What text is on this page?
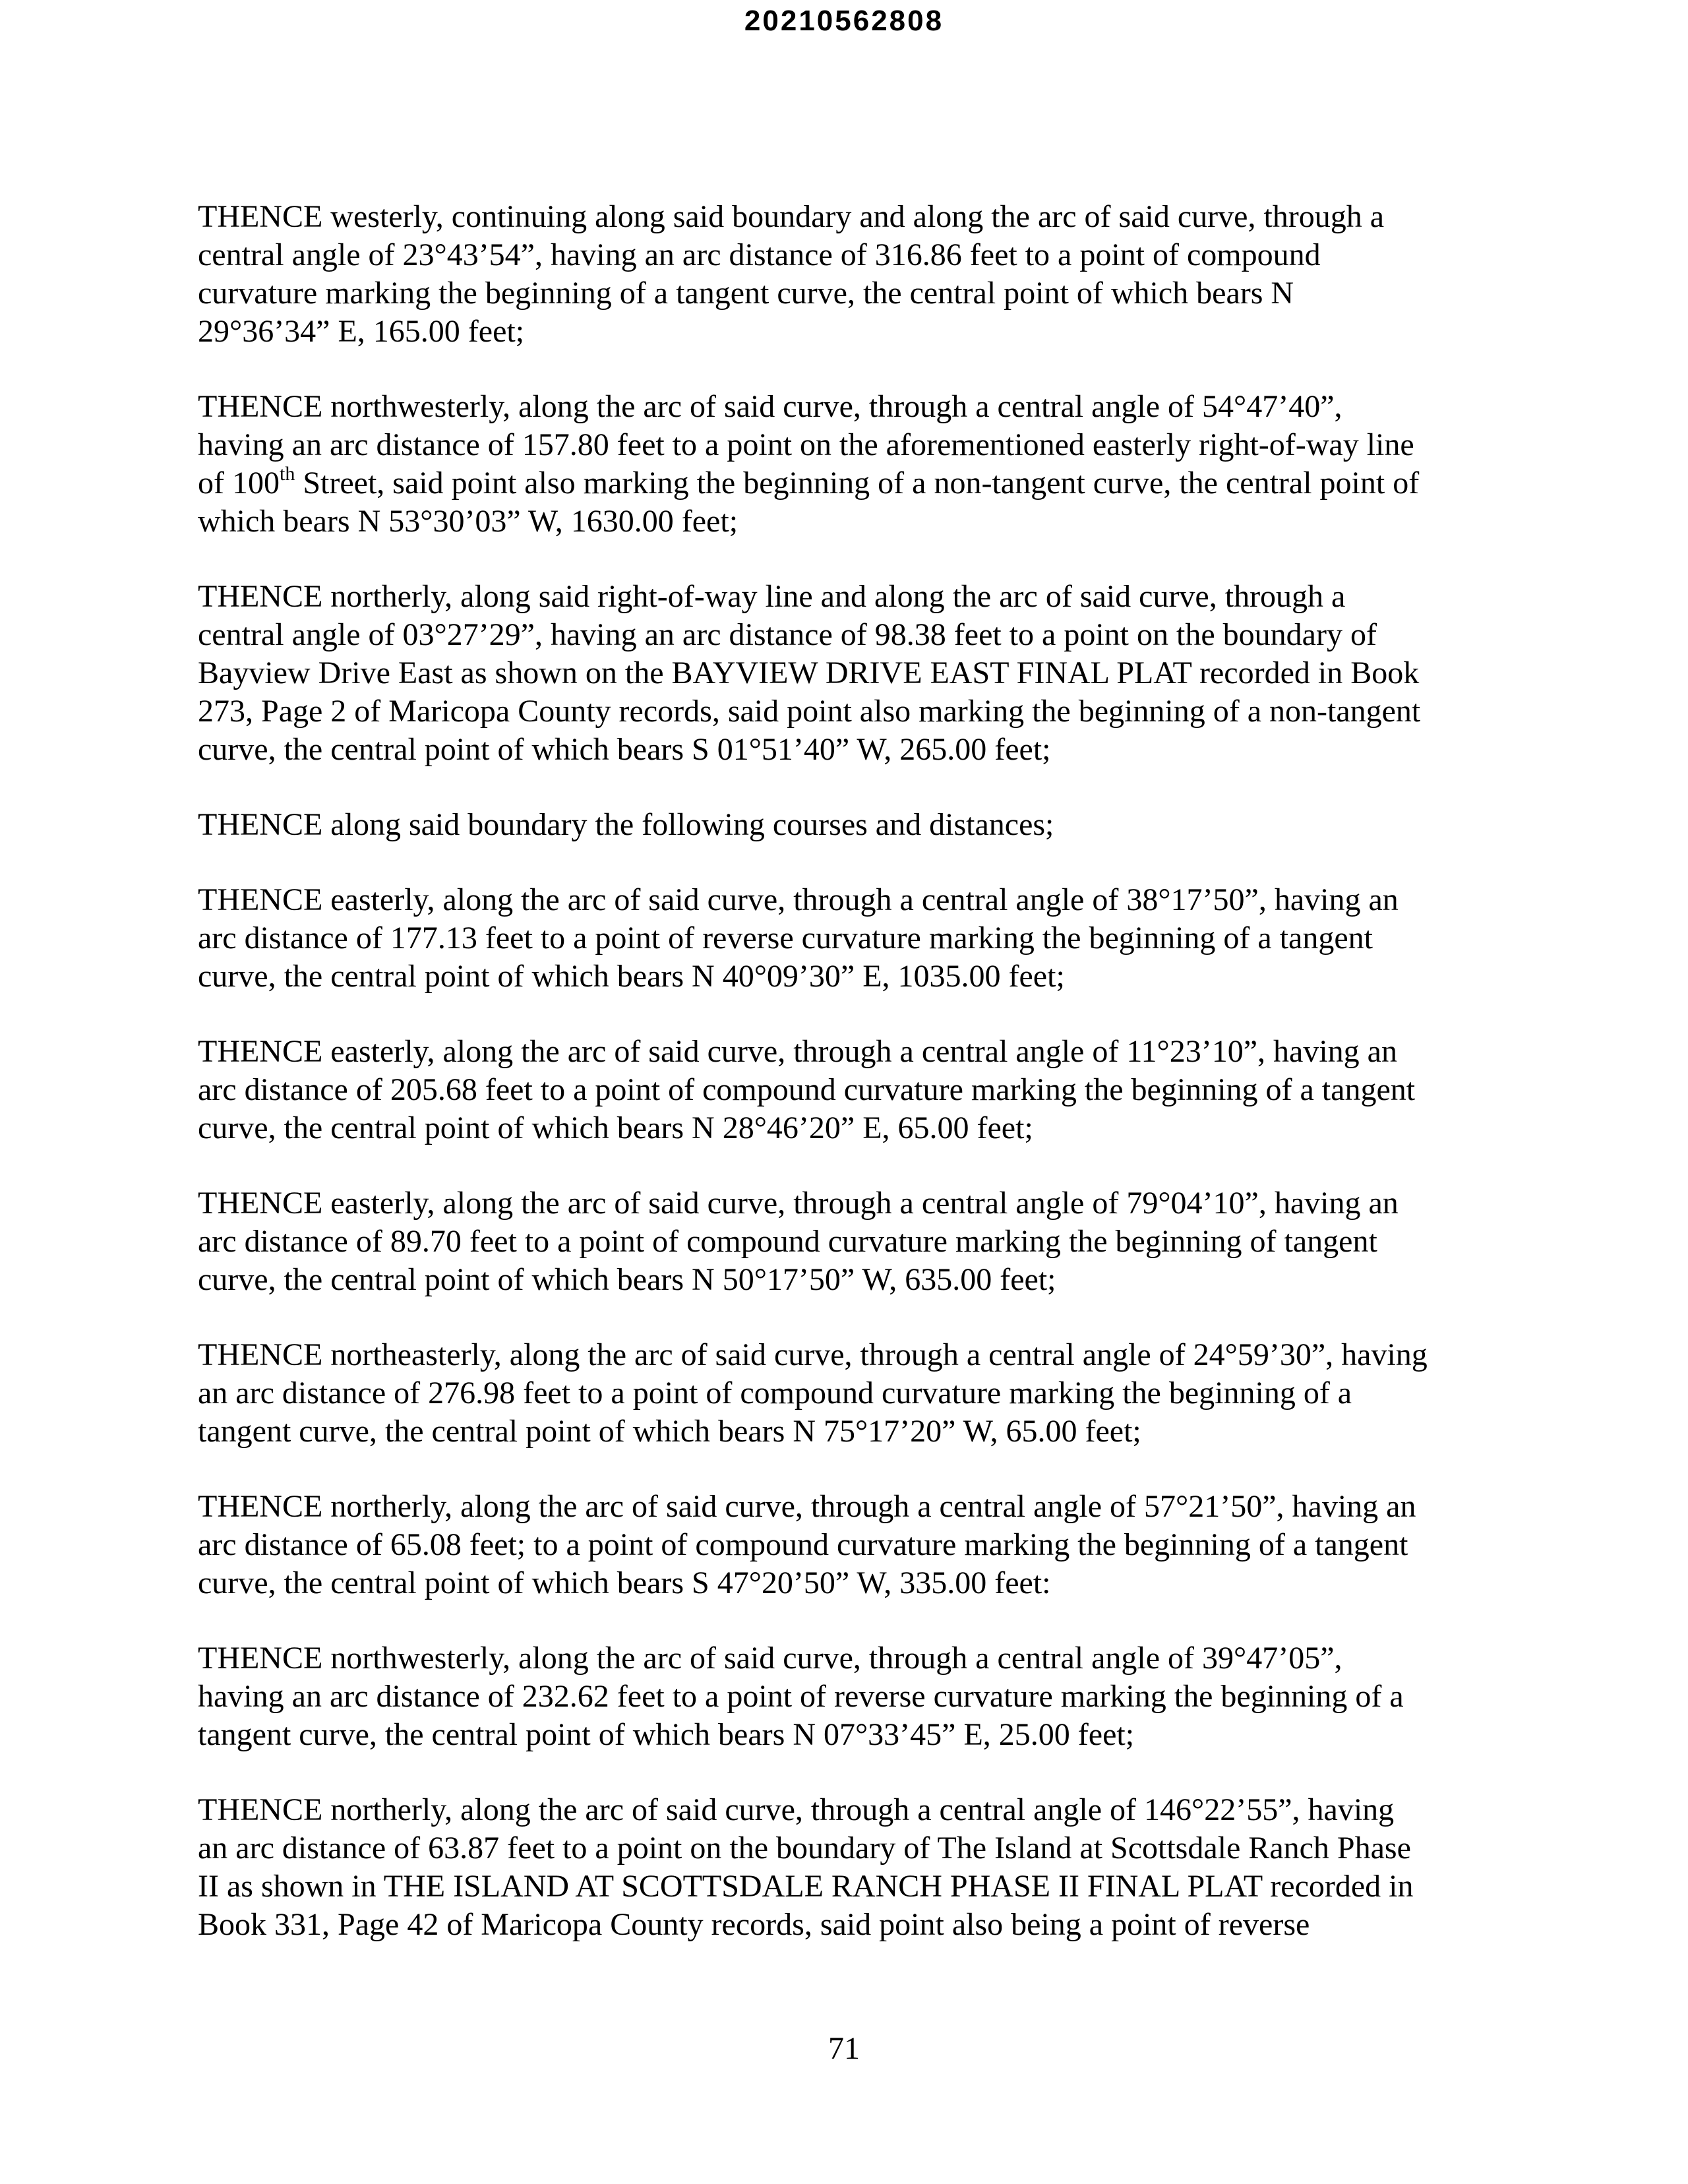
20210562808
THENCE westerly, continuing along said boundary and along the arc of said curve, through a
central angle of 23°43’54”, having an arc distance of 316.86 feet to a point of compound
curvature marking the beginning of a tangent curve, the central point of which bears N
29°36’34” E, 165.00 feet;
THENCE northwesterly, along the arc of said curve, through a central angle of 54°47’40”,
having an arc distance of 157.80 feet to a point on the aforementioned easterly right-of-way line
of 100th Street, said point also marking the beginning of a non-tangent curve, the central point of
which bears N 53°30’03” W, 1630.00 feet;
THENCE northerly, along said right-of-way line and along the arc of said curve, through a
central angle of 03°27’29”, having an arc distance of 98.38 feet to a point on the boundary of
Bayview Drive East as shown on the BAYVIEW DRIVE EAST FINAL PLAT recorded in Book
273, Page 2 of Maricopa County records, said point also marking the beginning of a non-tangent
curve, the central point of which bears S 01°51’40” W, 265.00 feet;
THENCE along said boundary the following courses and distances;
THENCE easterly, along the arc of said curve, through a central angle of 38°17’50”, having an
arc distance of 177.13 feet to a point of reverse curvature marking the beginning of a tangent
curve, the central point of which bears N 40°09’30” E, 1035.00 feet;
THENCE easterly, along the arc of said curve, through a central angle of 11°23’10”, having an
arc distance of 205.68 feet to a point of compound curvature marking the beginning of a tangent
curve, the central point of which bears N 28°46’20” E, 65.00 feet;
THENCE easterly, along the arc of said curve, through a central angle of 79°04’10”, having an
arc distance of 89.70 feet to a point of compound curvature marking the beginning of tangent
curve, the central point of which bears N 50°17’50” W, 635.00 feet;
THENCE northeasterly, along the arc of said curve, through a central angle of 24°59’30”, having
an arc distance of 276.98 feet to a point of compound curvature marking the beginning of a
tangent curve, the central point of which bears N 75°17’20” W, 65.00 feet;
THENCE northerly, along the arc of said curve, through a central angle of 57°21’50”, having an
arc distance of 65.08 feet; to a point of compound curvature marking the beginning of a tangent
curve, the central point of which bears S 47°20’50” W, 335.00 feet:
THENCE northwesterly, along the arc of said curve, through a central angle of 39°47’05”,
having an arc distance of 232.62 feet to a point of reverse curvature marking the beginning of a
tangent curve, the central point of which bears N 07°33’45” E, 25.00 feet;
THENCE northerly, along the arc of said curve, through a central angle of 146°22’55”, having
an arc distance of 63.87 feet to a point on the boundary of The Island at Scottsdale Ranch Phase
II as shown in THE ISLAND AT SCOTTSDALE RANCH PHASE II FINAL PLAT recorded in
Book 331, Page 42 of Maricopa County records, said point also being a point of reverse
71
